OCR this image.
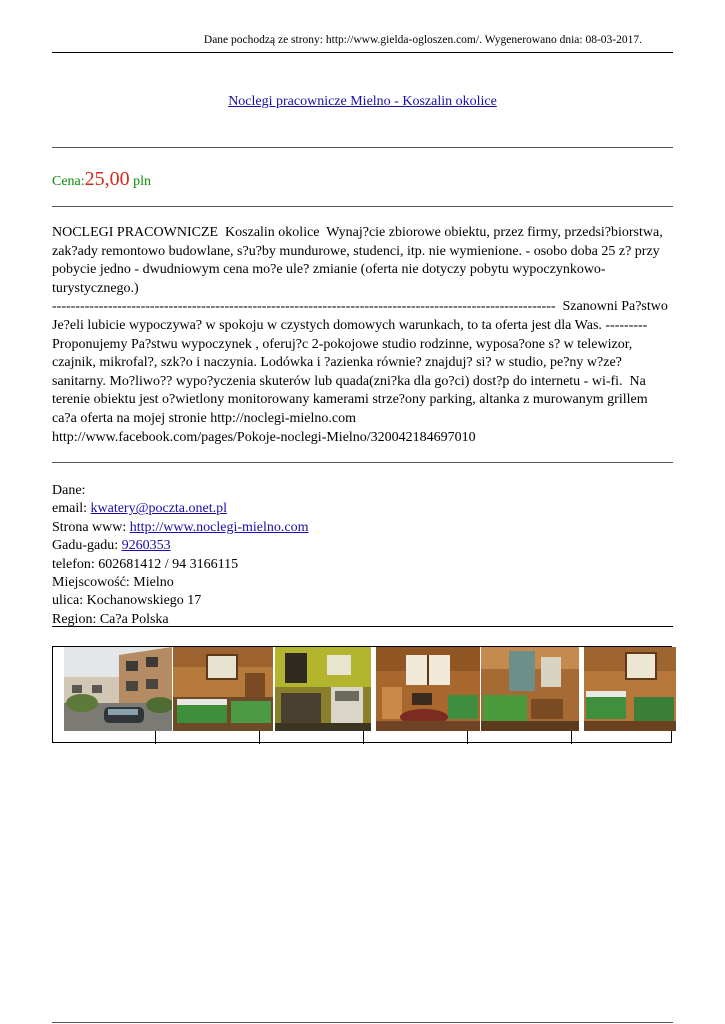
Dane pochodzą ze strony: http://www.gielda-ogloszen.com/. Wygenerowano dnia: 08-03-2017.
Noclegi pracownicze Mielno - Koszalin okolice
Cena:25,00 pln
NOCLEGI PRACOWNICZE  Koszalin okolice  Wynaj?cie zbiorowe obiektu, przez firmy, przedsi?biorstwa, zak?ady remontowo budowlane, s?u?by mundurowe, studenci, itp. nie wymienione. - osobo doba 25 z? przy pobycie jedno - dwudniowym cena mo?e ule? zmianie (oferta nie dotyczy pobytu wypoczynkowo-turystycznego.)
------------------------------------------------------------------------------------------------------------  Szanowni Pa?stwo Je?eli lubicie wypoczywa? w spokoju w czystych domowych warunkach, to ta oferta jest dla Was. --------- Proponujemy Pa?stwu wypoczynek , oferuj?c 2-pokojowe studio rodzinne, wyposa?one s? w telewizor, czajnik, mikrofal?, szk?o i naczynia. Lodówka i ?azienka równie? znajduj? si? w studio, pe?ny w?ze? sanitarny. Mo?liwo?? wypo?yczenia skuterów lub quada(zni?ka dla go?ci) dost?p do internetu - wi-fi.  Na terenie obiektu jest o?wietlony monitorowany kamerami strze?ony parking, altanka z murowanym grillem   ca?a oferta na mojej stronie http://noclegi-mielno.com
http://www.facebook.com/pages/Pokoje-noclegi-Mielno/320042184697010
Dane:
email: kwatery@poczta.onet.pl
Strona www: http://www.noclegi-mielno.com
Gadu-gadu: 9260353
telefon: 602681412 / 94 3166115
Miejscowość: Mielno
ulica: Kochanowskiego 17
Region: Ca?a Polska
